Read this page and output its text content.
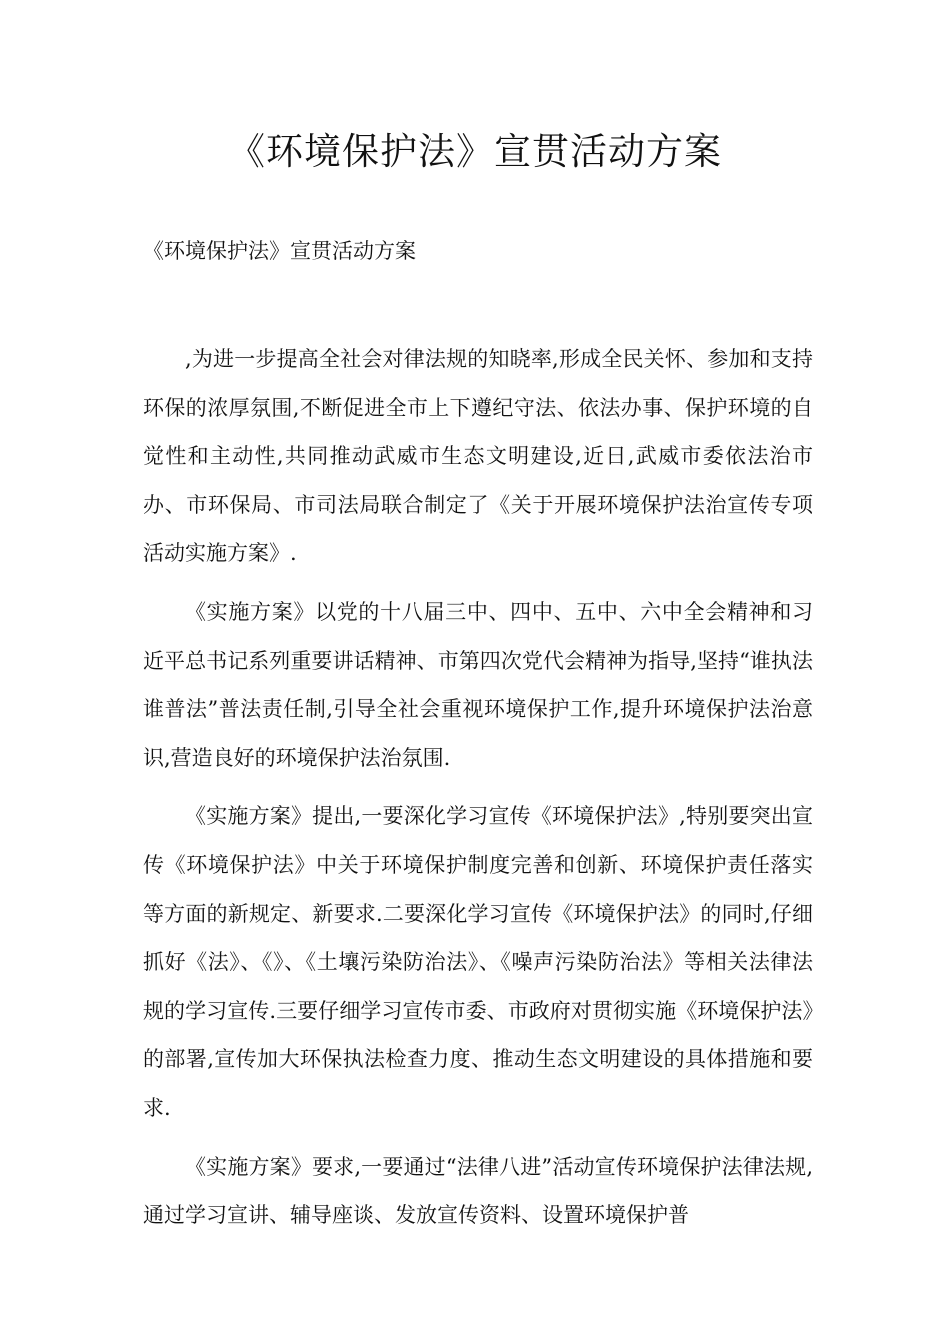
《环境保护法》宣贯活动方案

《环境保护法》宣贯活动方案

,为进一步提高全社会对律法规的知晓率,形成全民关怀、参加和支持环保的浓厚氛围,不断促进全市上下遵纪守法、依法办事、保护环境的自觉性和主动性,共同推动武威市生态文明建设,近日,武威市委依法治市办、市环保局、市司法局联合制定了《关于开展环境保护法治宣传专项活动实施方案》.

《实施方案》以党的十八届三中、四中、五中、六中全会精神和习近平总书记系列重要讲话精神、市第四次党代会精神为指导,坚持“谁执法谁普法”普法责任制,引导全社会重视环境保护工作,提升环境保护法治意识,营造良好的环境保护法治氛围.

《实施方案》提出,一要深化学习宣传《环境保护法》,特别要突出宣传《环境保护法》中关于环境保护制度完善和创新、环境保护责任落实等方面的新规定、新要求.二要深化学习宣传《环境保护法》的同时,仔细抓好《法》、《》、《土壤污染防治法》、《噪声污染防治法》等相关法律法规的学习宣传.三要仔细学习宣传市委、市政府对贯彻实施《环境保护法》的部署,宣传加大环保执法检查力度、推动生态文明建设的具体措施和要求.

《实施方案》要求,一要通过“法律八进”活动宣传环境保护法律法规,通过学习宣讲、辅导座谈、发放宣传资料、设置环境保护普
